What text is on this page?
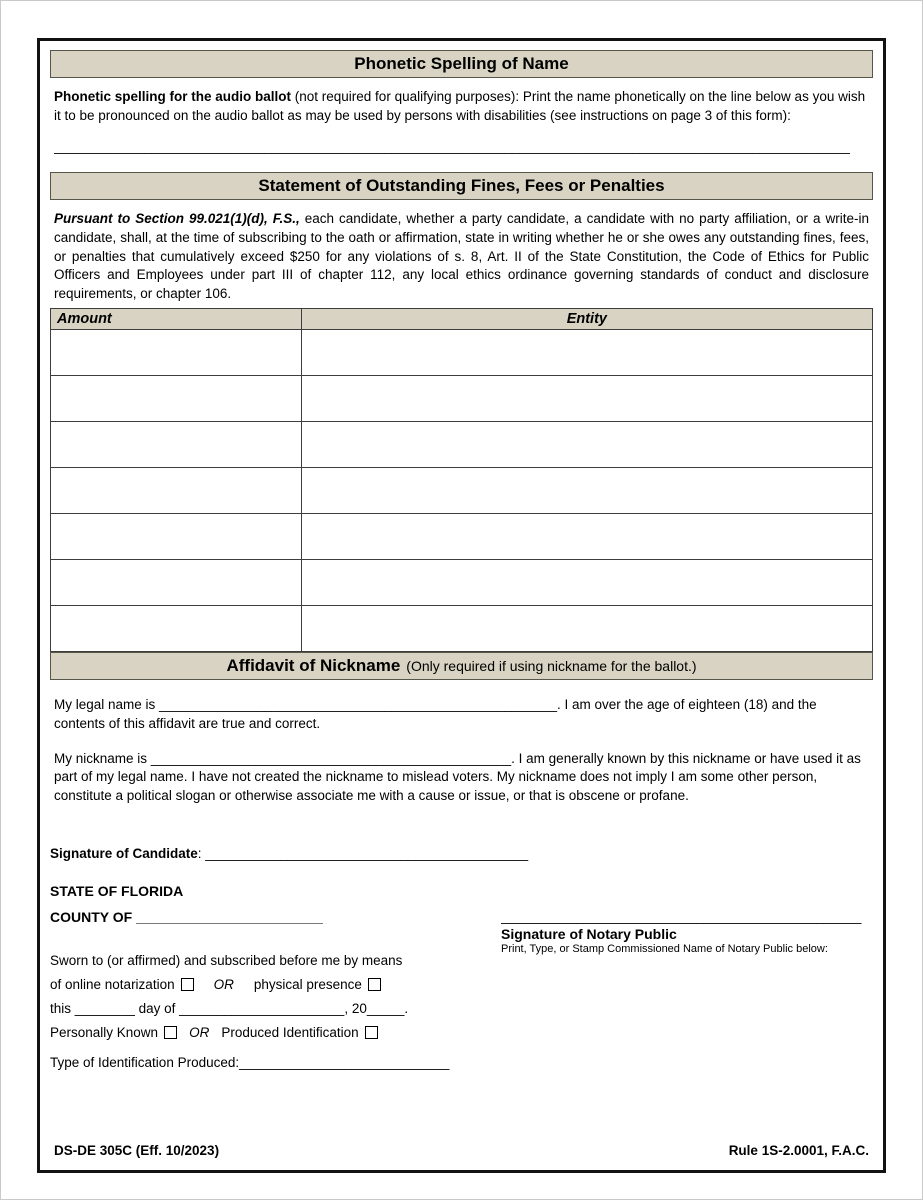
Phonetic Spelling of Name

Phonetic spelling for the audio ballot (not required for qualifying purposes): Print the name phonetically on the line below as you wish it to be pronounced on the audio ballot as may be used by persons with disabilities (see instructions on page 3 of this form):

__________________________________________________________________________________________________________
Statement of Outstanding Fines, Fees or Penalties

Pursuant to Section 99.021(1)(d), F.S., each candidate, whether a party candidate, a candidate with no party affiliation, or a write-in candidate, shall, at the time of subscribing to the oath or affirmation, state in writing whether he or she owes any outstanding fines, fees, or penalties that cumulatively exceed $250 for any violations of s. 8, Art. II of the State Constitution, the Code of Ethics for Public Officers and Employees under part III of chapter 112, any local ethics ordinance governing standards of conduct and disclosure requirements, or chapter 106.

Amount	Entity

Affidavit of Nickname (Only required if using nickname for the ballot.)

My legal name is _____________________________________________________. I am over the age of eighteen (18) and the contents of this affidavit are true and correct.

My nickname is ________________________________________________. I am generally known by this nickname or have used it as part of my legal name. I have not created the nickname to mislead voters. My nickname does not imply I am some other person, constitute a political slogan or otherwise associate me with a cause or issue, or that is obscene or profane.

Signature of Candidate: ___________________________________________
STATE OF FLORIDA
COUNTY OF ________________________
Sworn to (or affirmed) and subscribed before me by means
of online notarization	OR physical presence
this ________ day of ______________________, 20_____.
Personally Known OR Produced Identification
Type of Identification Produced:____________________________
________________________________________________
Signature of Notary Public
Print, Type, or Stamp Commissioned Name of Notary Public below:
DS-DE 305C (Eff. 10/2023)	Rule 1S-2.0001, F.A.C.
